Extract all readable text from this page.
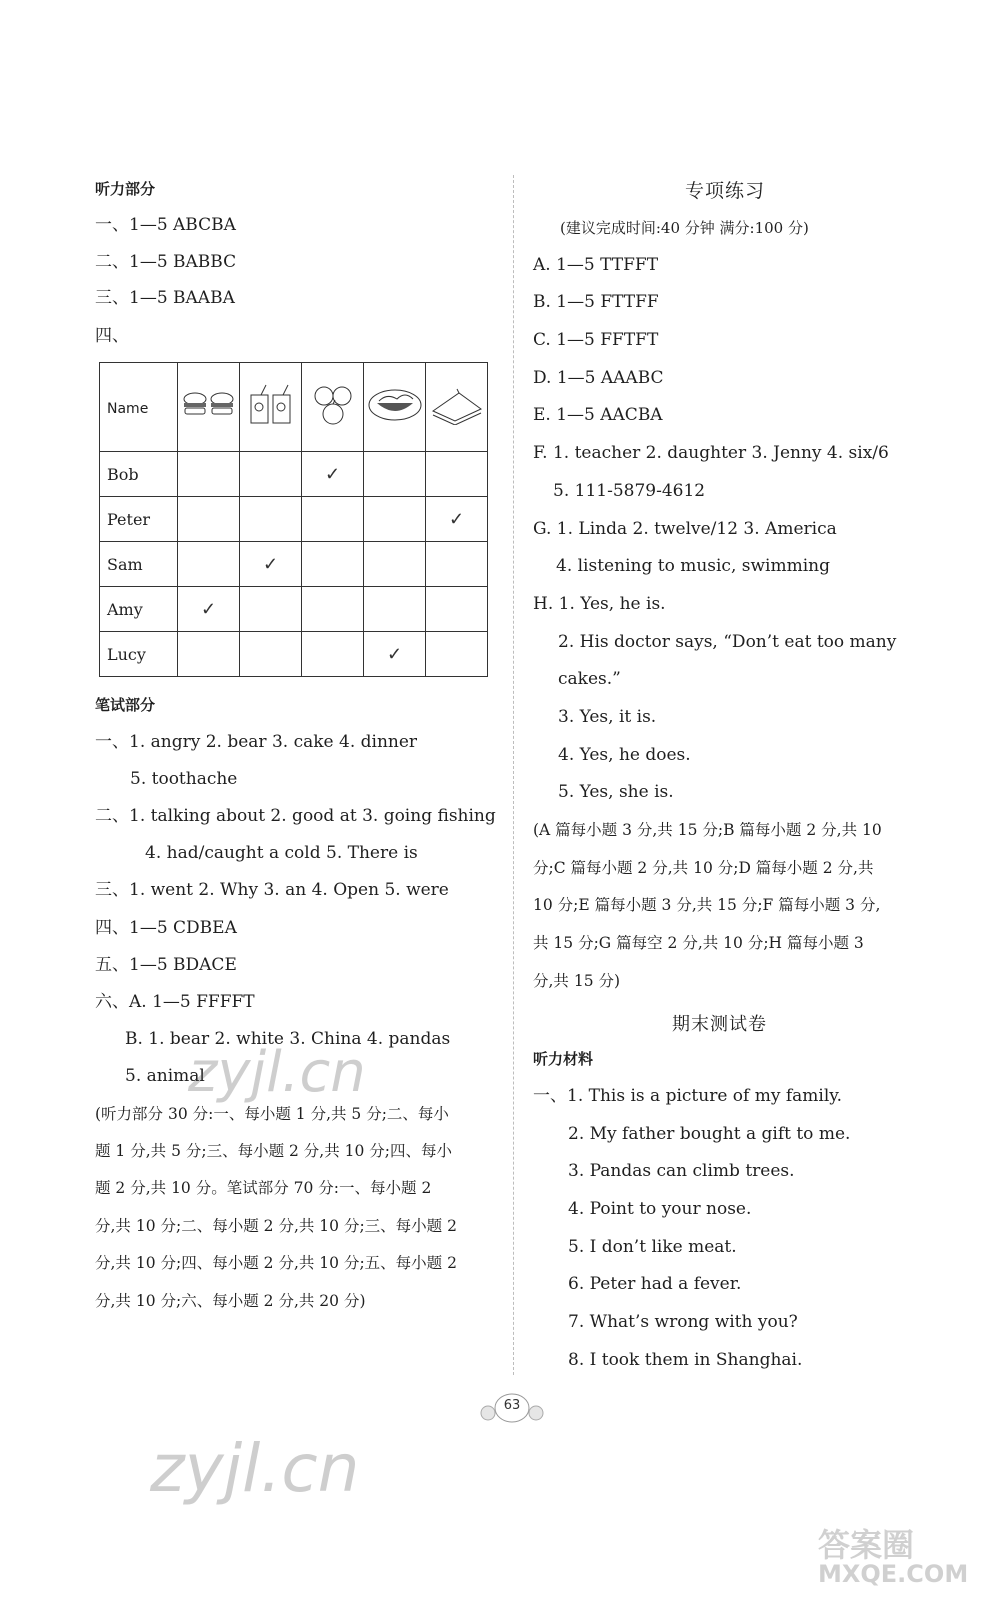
听力部分
一、1—5 ABCBA
二、1—5 BABBC
三、1—5 BAABA
四、
Name					
Bob			✓		
Peter					✓
Sam		✓			
Amy	✓				
Lucy				✓	
笔试部分
一、1. angry 2. bear 3. cake 4. dinner
5. toothache
二、1. talking about 2. good at 3. going fishing
4. had/caught a cold 5. There is
三、1. went 2. Why 3. an 4. Open 5. were
四、1—5 CDBEA
五、1—5 BDACE
六、A. 1—5 FFFFT
B. 1. bear 2. white 3. China 4. pandas
5. animal
(听力部分 30 分:一、每小题 1 分,共 5 分;二、每小
题 1 分,共 5 分;三、每小题 2 分,共 10 分;四、每小
题 2 分,共 10 分。笔试部分 70 分:一、每小题 2
分,共 10 分;二、每小题 2 分,共 10 分;三、每小题 2
分,共 10 分;四、每小题 2 分,共 10 分;五、每小题 2
分,共 10 分;六、每小题 2 分,共 20 分)
专项练习
(建议完成时间:40 分钟 满分:100 分)
A. 1—5 TTFFT
B. 1—5 FTTFF
C. 1—5 FFTFT
D. 1—5 AAABC
E. 1—5 AACBA
F. 1. teacher 2. daughter 3. Jenny 4. six/6
5. 111-5879-4612
G. 1. Linda 2. twelve/12 3. America
4. listening to music, swimming
H. 1. Yes, he is.
2. His doctor says, “Don’t eat too many
cakes.”
3. Yes, it is.
4. Yes, he does.
5. Yes, she is.
(A 篇每小题 3 分,共 15 分;B 篇每小题 2 分,共 10
分;C 篇每小题 2 分,共 10 分;D 篇每小题 2 分,共
10 分;E 篇每小题 3 分,共 15 分;F 篇每小题 3 分,
共 15 分;G 篇每空 2 分,共 10 分;H 篇每小题 3
分,共 15 分)
期末测试卷
听力材料
一、1. This is a picture of my family.
2. My father bought a gift to me.
3. Pandas can climb trees.
4. Point to your nose.
5. I don’t like meat.
6. Peter had a fever.
7. What’s wrong with you?
8. I took them in Shanghai.
63
zyjl.cn
zyjl.cn
答案圈
MXQE.COM
